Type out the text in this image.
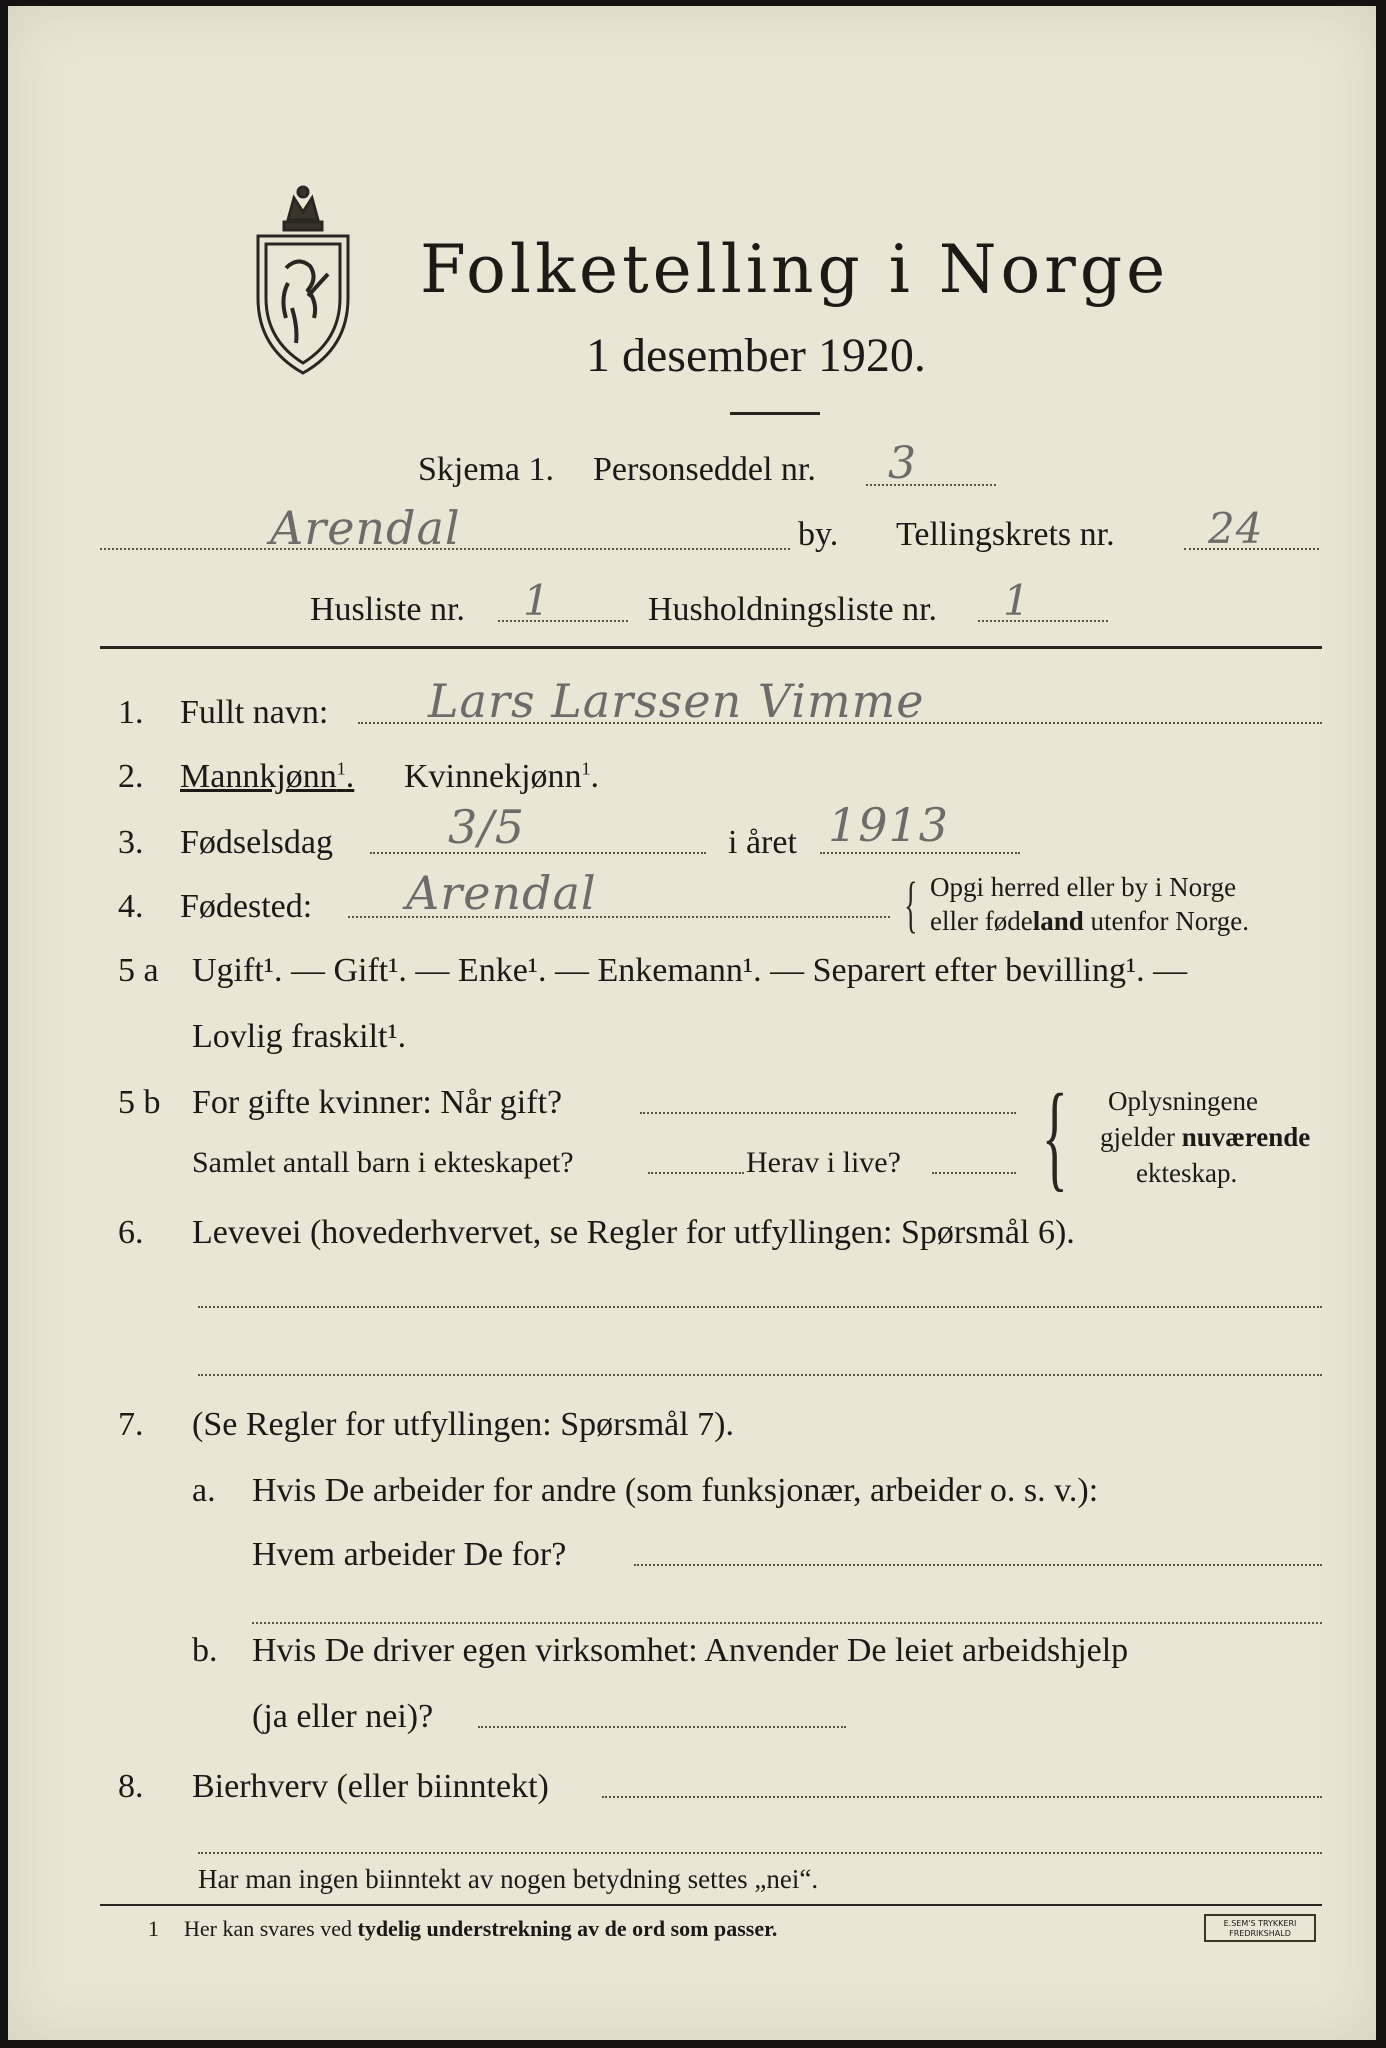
Folketelling i Norge
1 desember 1920.
Skjema 1. Personseddel nr. 3
Arendal	by. Tellingskrets nr. 24
Husliste nr. 1	Husholdningsliste nr. 1
1. Fullt navn: Lars Larssen Vimme
2. Mannkjønn$^1$. Kvinnekjønn$^1$.
3. Fødselsdag	3/5	i året 1913
4. Fødested: Arendal	{ Opgi herred eller by i Norge
eller fødeland utenfor Norge.
5 a Ugift¹. — Gift¹. — Enke¹. — Enkemann¹. — Separert efter bevilling¹. —
Lovlig fraskilt¹.
5 b For gifte kvinner: Når gift?
Samlet antall barn i ekteskapet?	Herav i live? { Oplysningene
gjelder nuværende
ekteskap.
6. Levevei (hovederhvervet, se Regler for utfyllingen: Spørsmål 6).
7. (Se Regler for utfyllingen: Spørsmål 7).
a. Hvis De arbeider for andre (som funksjonær, arbeider o. s. v.):
Hvem arbeider De for?
b. Hvis De driver egen virksomhet: Anvender De leiet arbeidshjelp
(ja eller nei)?
8. Bierhverv (eller biinntekt)
Har man ingen biinntekt av nogen betydning settes „nei“.
1 Her kan svares ved tydelig understrekning av de ord som passer.	E.SEM'S TRYKKERI
FREDRIKSHALD
